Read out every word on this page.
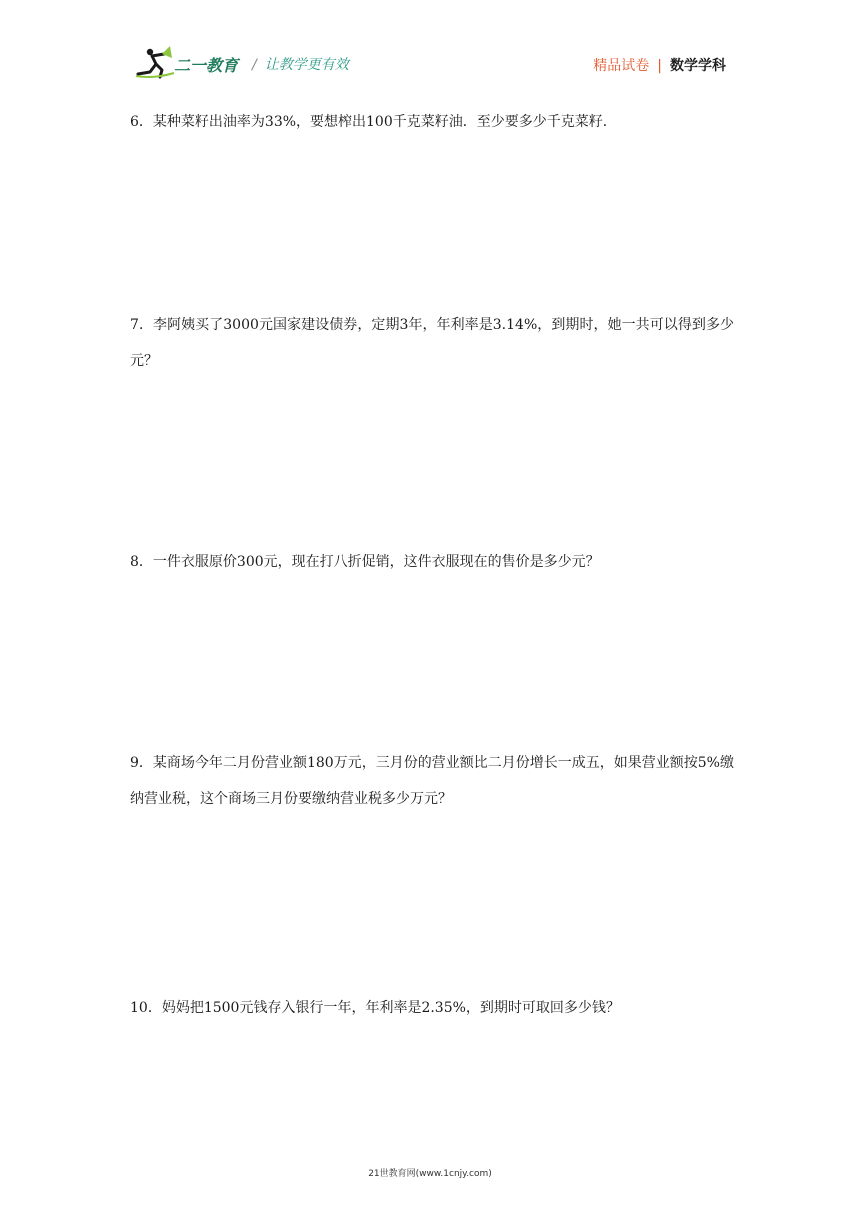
二一教育 / 让教学更有效	精品试卷 | 数学学科
6．某种菜籽出油率为33%，要想榨出100千克菜籽油．至少要多少千克菜籽．
7．李阿姨买了3000元国家建设债券，定期3年，年利率是3.14%，到期时，她一共可以得到多少元？
8．一件衣服原价300元，现在打八折促销，这件衣服现在的售价是多少元？
9．某商场今年二月份营业额180万元，三月份的营业额比二月份增长一成五，如果营业额按5%缴纳营业税，这个商场三月份要缴纳营业税多少万元？
10．妈妈把1500元钱存入银行一年，年利率是2.35%，到期时可取回多少钱？
21世教育网(www.1cnjy.com)
